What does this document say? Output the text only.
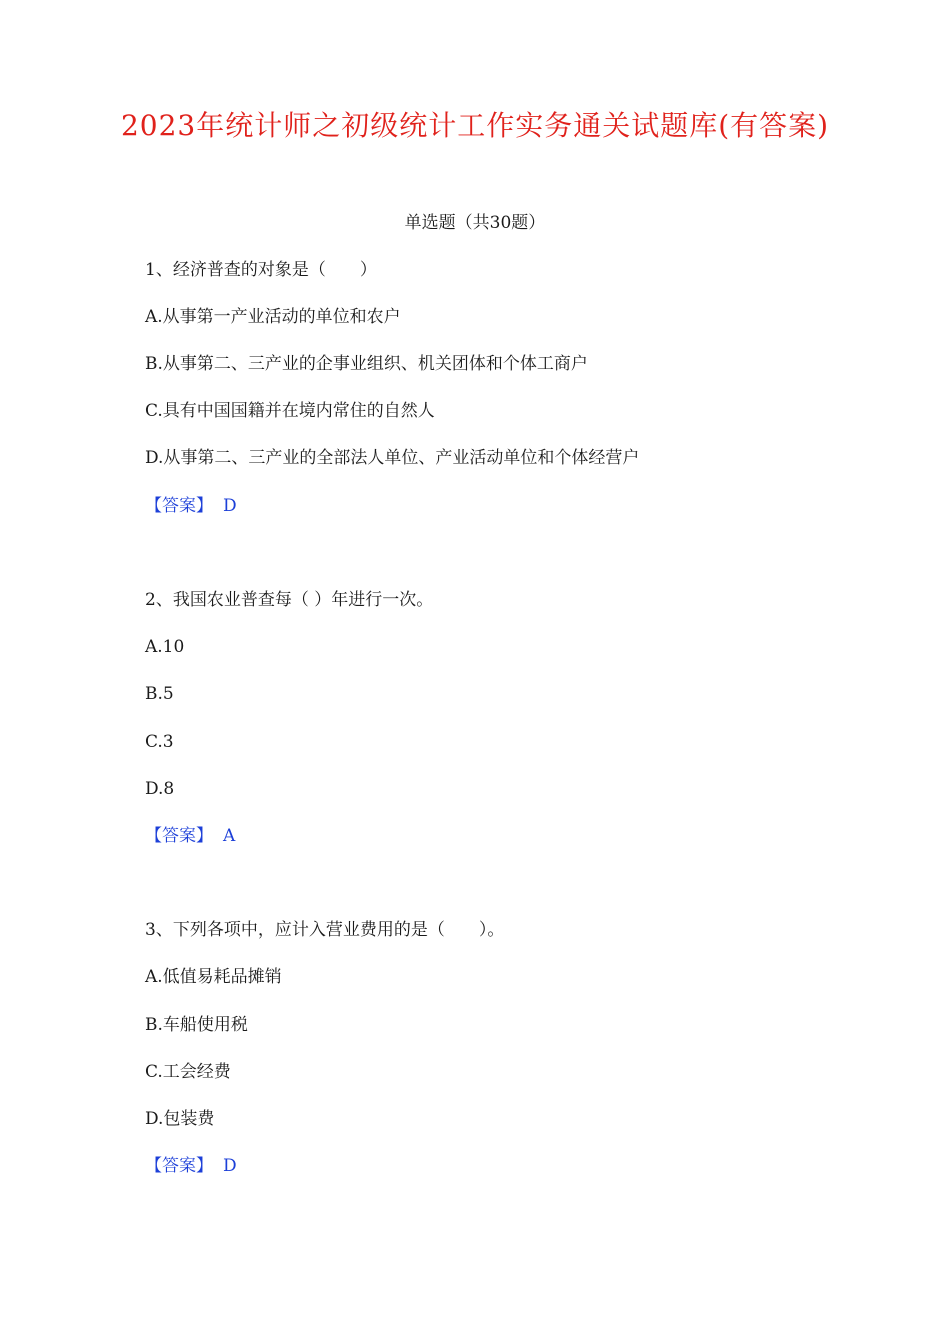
2023年统计师之初级统计工作实务通关试题库(有答案)
单选题（共30题）
1、经济普查的对象是（　　）
A.从事第一产业活动的单位和农户
B.从事第二、三产业的企事业组织、机关团体和个体工商户
C.具有中国国籍并在境内常住的自然人
D.从事第二、三产业的全部法人单位、产业活动单位和个体经营户
【答案】 D
2、我国农业普查每（ ）年进行一次。
A.10
B.5
C.3
D.8
【答案】 A
3、下列各项中，应计入营业费用的是（　　）。
A.低值易耗品摊销
B.车船使用税
C.工会经费
D.包装费
【答案】 D
